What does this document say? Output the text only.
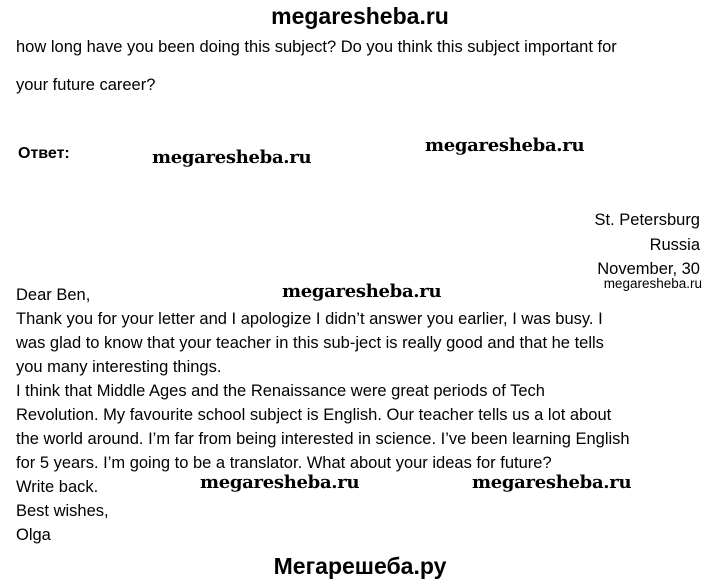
megaresheba.ru
how long have you been doing this subject? Do you think this subject important for
your future career?
Ответ:	megaresheba.ru
megaresheba.ru
St. Petersburg
Russia
November, 30
megaresheba.ru
Dear Ben,	megaresheba.ru
Thank you for your letter and I apologize I didn’t answer you earlier, I was busy. I
was glad to know that your teacher in this sub-ject is really good and that he tells
you many interesting things.
I think that Middle Ages and the Renaissance were great periods of Tech
Revolution. My favourite school subject is English. Our teacher tells us a lot about
the world around. I’m far from being interested in science. I’ve been learning English
for 5 years. I’m going to be a translator. What about your ideas for future?
Write back.
Best wishes,
Olga
megaresheba.ru	megaresheba.ru
Мегарешеба.ру
